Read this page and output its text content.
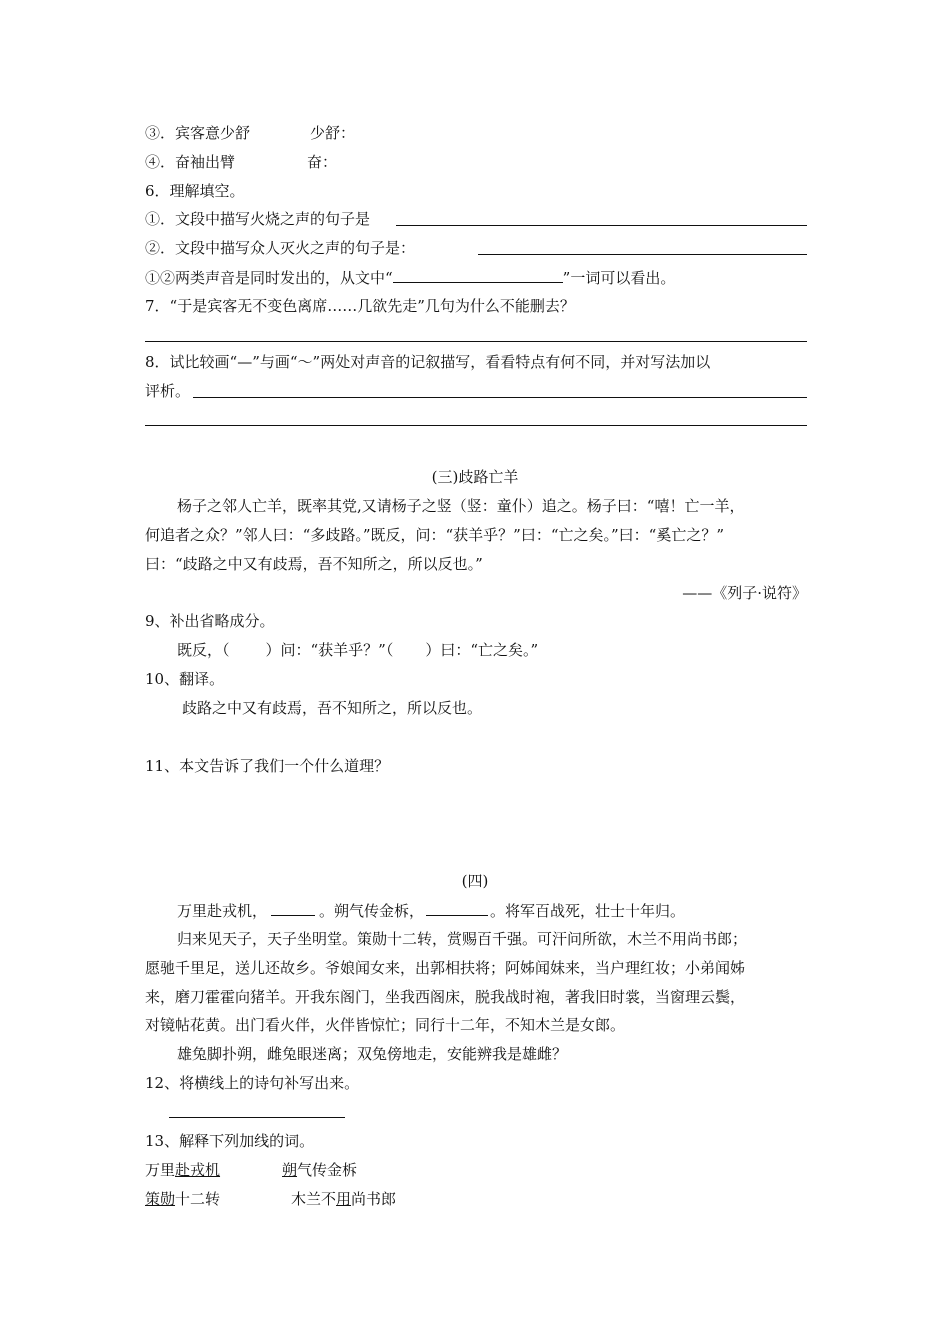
③．宾客意少舒	少舒：
④．奋袖出臂	奋：
6．理解填空。
①．文段中描写火烧之声的句子是
②．文段中描写众人灭火之声的句子是：
①②两类声音是同时发出的，从文中“	”一词可以看出。
7．“于是宾客无不变色离席……几欲先走”几句为什么不能删去？
8．试比较画“—”与画“～”两处对声音的记叙描写，看看特点有何不同，并对写法加以
评析。
(三)歧路亡羊
杨子之邻人亡羊，既率其党,又请杨子之竖（竖：童仆）追之。杨子曰：“嘻！亡一羊，
何追者之众？”邻人曰：“多歧路。”既反，问：“获羊乎？”曰：“亡之矣。”曰：“奚亡之？”
曰：“歧路之中又有歧焉，吾不知所之，所以反也。”
——《列子·说符》
9、补出省略成分。
既反，（ ）问：“获羊乎？”（ ）曰：“亡之矣。”
10、翻译。
歧路之中又有歧焉，吾不知所之，所以反也。
11、本文告诉了我们一个什么道理？
(四)
万里赴戎机，	。朔气传金柝，	。将军百战死，壮士十年归。
归来见天子，天子坐明堂。策勋十二转，赏赐百千强。可汗问所欲，木兰不用尚书郎；
愿驰千里足，送儿还故乡。爷娘闻女来，出郭相扶将；阿姊闻妹来，当户理红妆；小弟闻姊
来，磨刀霍霍向猪羊。开我东阁门，坐我西阁床，脱我战时袍，著我旧时裳，当窗理云鬓，
对镜帖花黄。出门看火伴，火伴皆惊忙；同行十二年，不知木兰是女郎。
雄兔脚扑朔，雌兔眼迷离；双兔傍地走，安能辨我是雄雌？
12、将横线上的诗句补写出来。
13、解释下列加线的词。
万里赴戎机	朔气传金柝
策勋十二转	木兰不用尚书郎
